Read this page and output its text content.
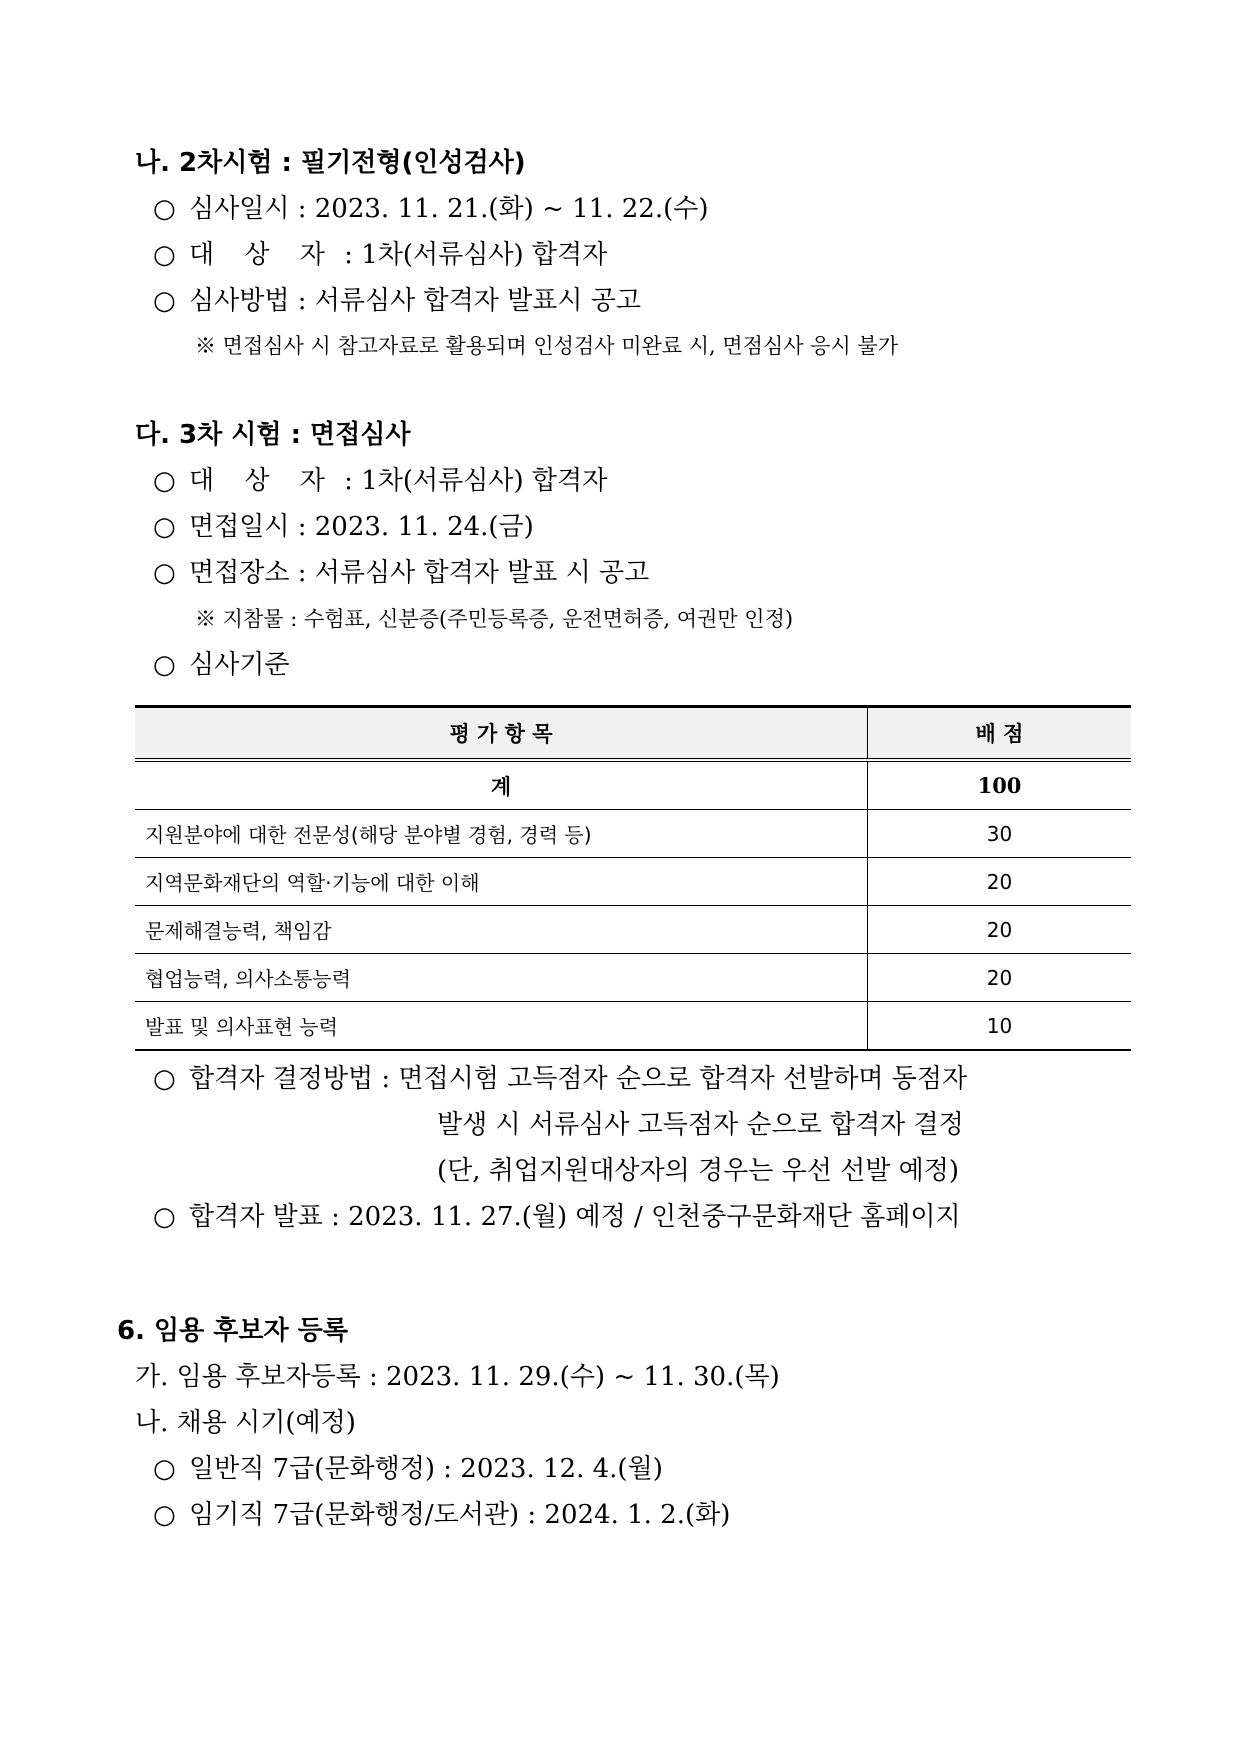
나. 2차시험 : 필기전형(인성검사)
○ 심사일시 : 2023. 11. 21.(화) ~ 11. 22.(수)
○ 대 상 자 : 1차(서류심사) 합격자
○ 심사방법 : 서류심사 합격자 발표시 공고
※ 면접심사 시 참고자료로 활용되며 인성검사 미완료 시, 면점심사 응시 불가
다. 3차 시험 : 면접심사
○ 대 상 자 : 1차(서류심사) 합격자
○ 면접일시 : 2023. 11. 24.(금)
○ 면접장소 : 서류심사 합격자 발표 시 공고
※ 지참물 : 수험표, 신분증(주민등록증, 운전면허증, 여권만 인정)
○ 심사기준
평 가 항 목	배 점
계	100
지원분야에 대한 전문성(해당 분야별 경험, 경력 등)	30
지역문화재단의 역할·기능에 대한 이해	20
문제해결능력, 책임감	20
협업능력, 의사소통능력	20
발표 및 의사표현 능력	10
○ 합격자 결정방법 : 면접시험 고득점자 순으로 합격자 선발하며 동점자
발생 시 서류심사 고득점자 순으로 합격자 결정
(단, 취업지원대상자의 경우는 우선 선발 예정)
○ 합격자 발표 : 2023. 11. 27.(월) 예정 / 인천중구문화재단 홈페이지
6. 임용 후보자 등록
가. 임용 후보자등록 : 2023. 11. 29.(수) ~ 11. 30.(목)
나. 채용 시기(예정)
○ 일반직 7급(문화행정) : 2023. 12. 4.(월)
○ 임기직 7급(문화행정/도서관) : 2024. 1. 2.(화)
